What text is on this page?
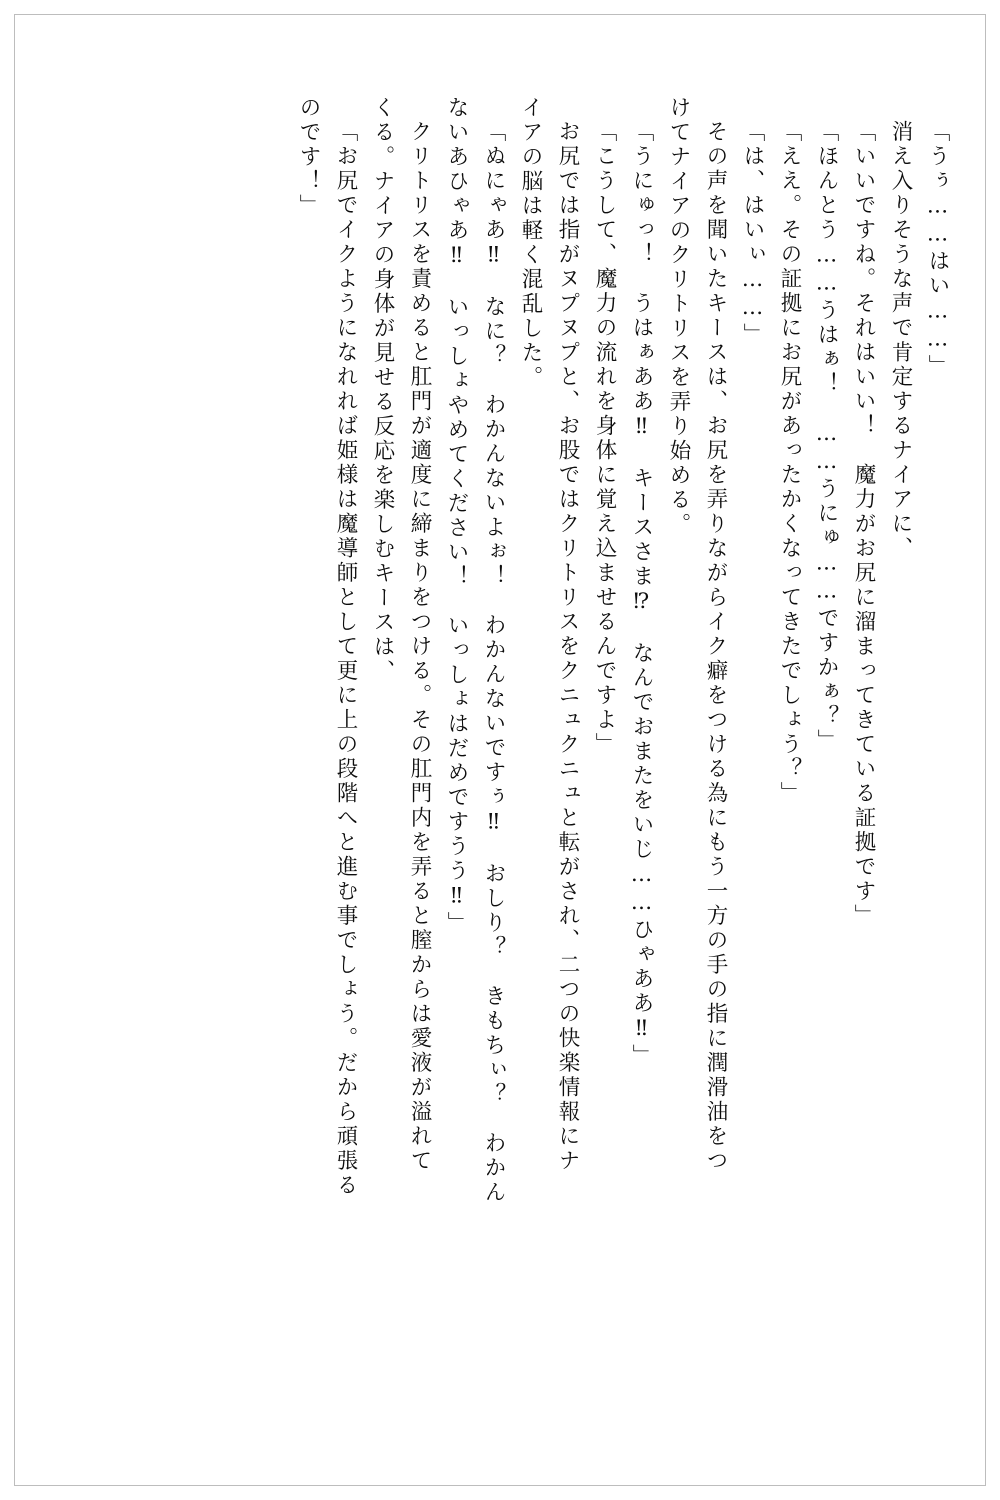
「うぅ……はい……」
消え入りそうな声で肯定するナイアに、
「いいですね。それはいい！　魔力がお尻に溜まってきている証拠です」
「ほんとう……うはぁ！　……うにゅ……ですかぁ？」
「ええ。その証拠にお尻があったかくなってきたでしょう？」
「は、はいぃ……」
その声を聞いたキースは、お尻を弄りながらイク癖をつける為にもう一方の手の指に潤滑油をつ
けてナイアのクリトリスを弄り始める。
「うにゅっ！　うはぁああ‼　キースさま⁉　なんでおまたをいじ……ひゃああ‼」
「こうして、魔力の流れを身体に覚え込ませるんですよ」
お尻では指がヌプヌプと、お股ではクリトリスをクニュクニュと転がされ、二つの快楽情報にナ
イアの脳は軽く混乱した。
「ぬにゃあ‼　なに？　わかんないよぉ！　わかんないですぅ‼　おしり？　きもちぃ？　わかん
ないあひゃあ‼　いっしょやめてください！　いっしょはだめですうう‼」
クリトリスを責めると肛門が適度に締まりをつける。その肛門内を弄ると膣からは愛液が溢れて
くる。ナイアの身体が見せる反応を楽しむキースは、
「お尻でイクようになれれば姫様は魔導師として更に上の段階へと進む事でしょう。だから頑張る
のです！」
